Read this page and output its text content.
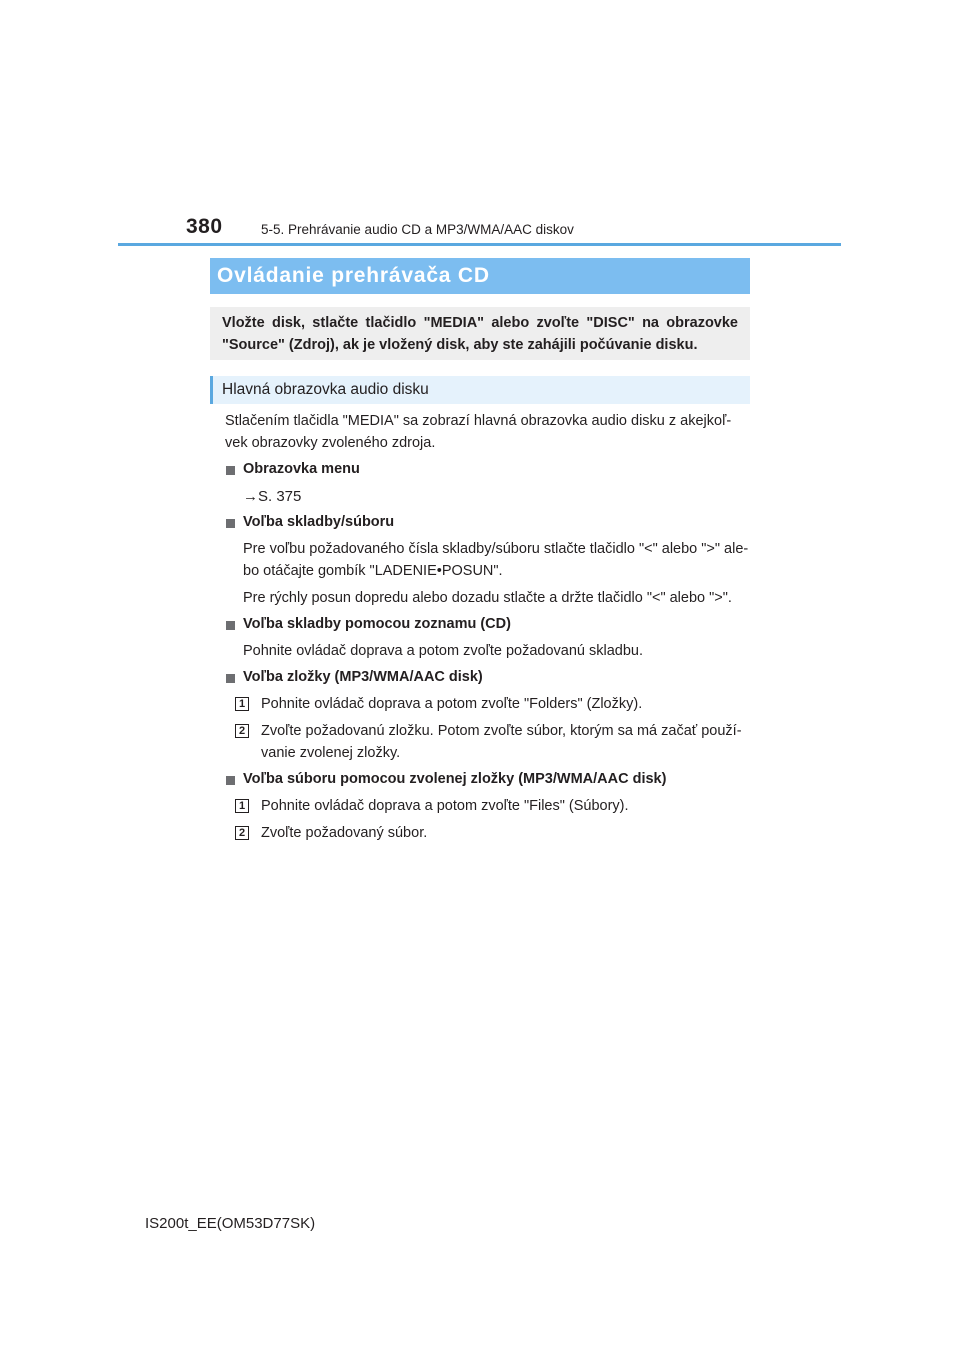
380	5-5. Prehrávanie audio CD a MP3/WMA/AAC diskov
Ovládanie prehrávača CD
Vložte disk, stlačte tlačidlo "MEDIA" alebo zvoľte "DISC" na obrazovke
"Source" (Zdroj), ak je vložený disk, aby ste zahájili počúvanie disku.
Hlavná obrazovka audio disku
Stlačením tlačidla "MEDIA" sa zobrazí hlavná obrazovka audio disku z akejkoľ-
vek obrazovky zvoleného zdroja.
Obrazovka menu
→S. 375
Voľba skladby/súboru
Pre voľbu požadovaného čísla skladby/súboru stlačte tlačidlo "<" alebo ">" ale-
bo otáčajte gombík "LADENIE•POSUN".
Pre rýchly posun dopredu alebo dozadu stlačte a držte tlačidlo "<" alebo ">".
Voľba skladby pomocou zoznamu (CD)
Pohnite ovládač doprava a potom zvoľte požadovanú skladbu.
Voľba zložky (MP3/WMA/AAC disk)
1 Pohnite ovládač doprava a potom zvoľte "Folders" (Zložky).
2 Zvoľte požadovanú zložku. Potom zvoľte súbor, ktorým sa má začať použí-
vanie zvolenej zložky.
Voľba súboru pomocou zvolenej zložky (MP3/WMA/AAC disk)
1 Pohnite ovládač doprava a potom zvoľte "Files" (Súbory).
2 Zvoľte požadovaný súbor.
IS200t_EE(OM53D77SK)
